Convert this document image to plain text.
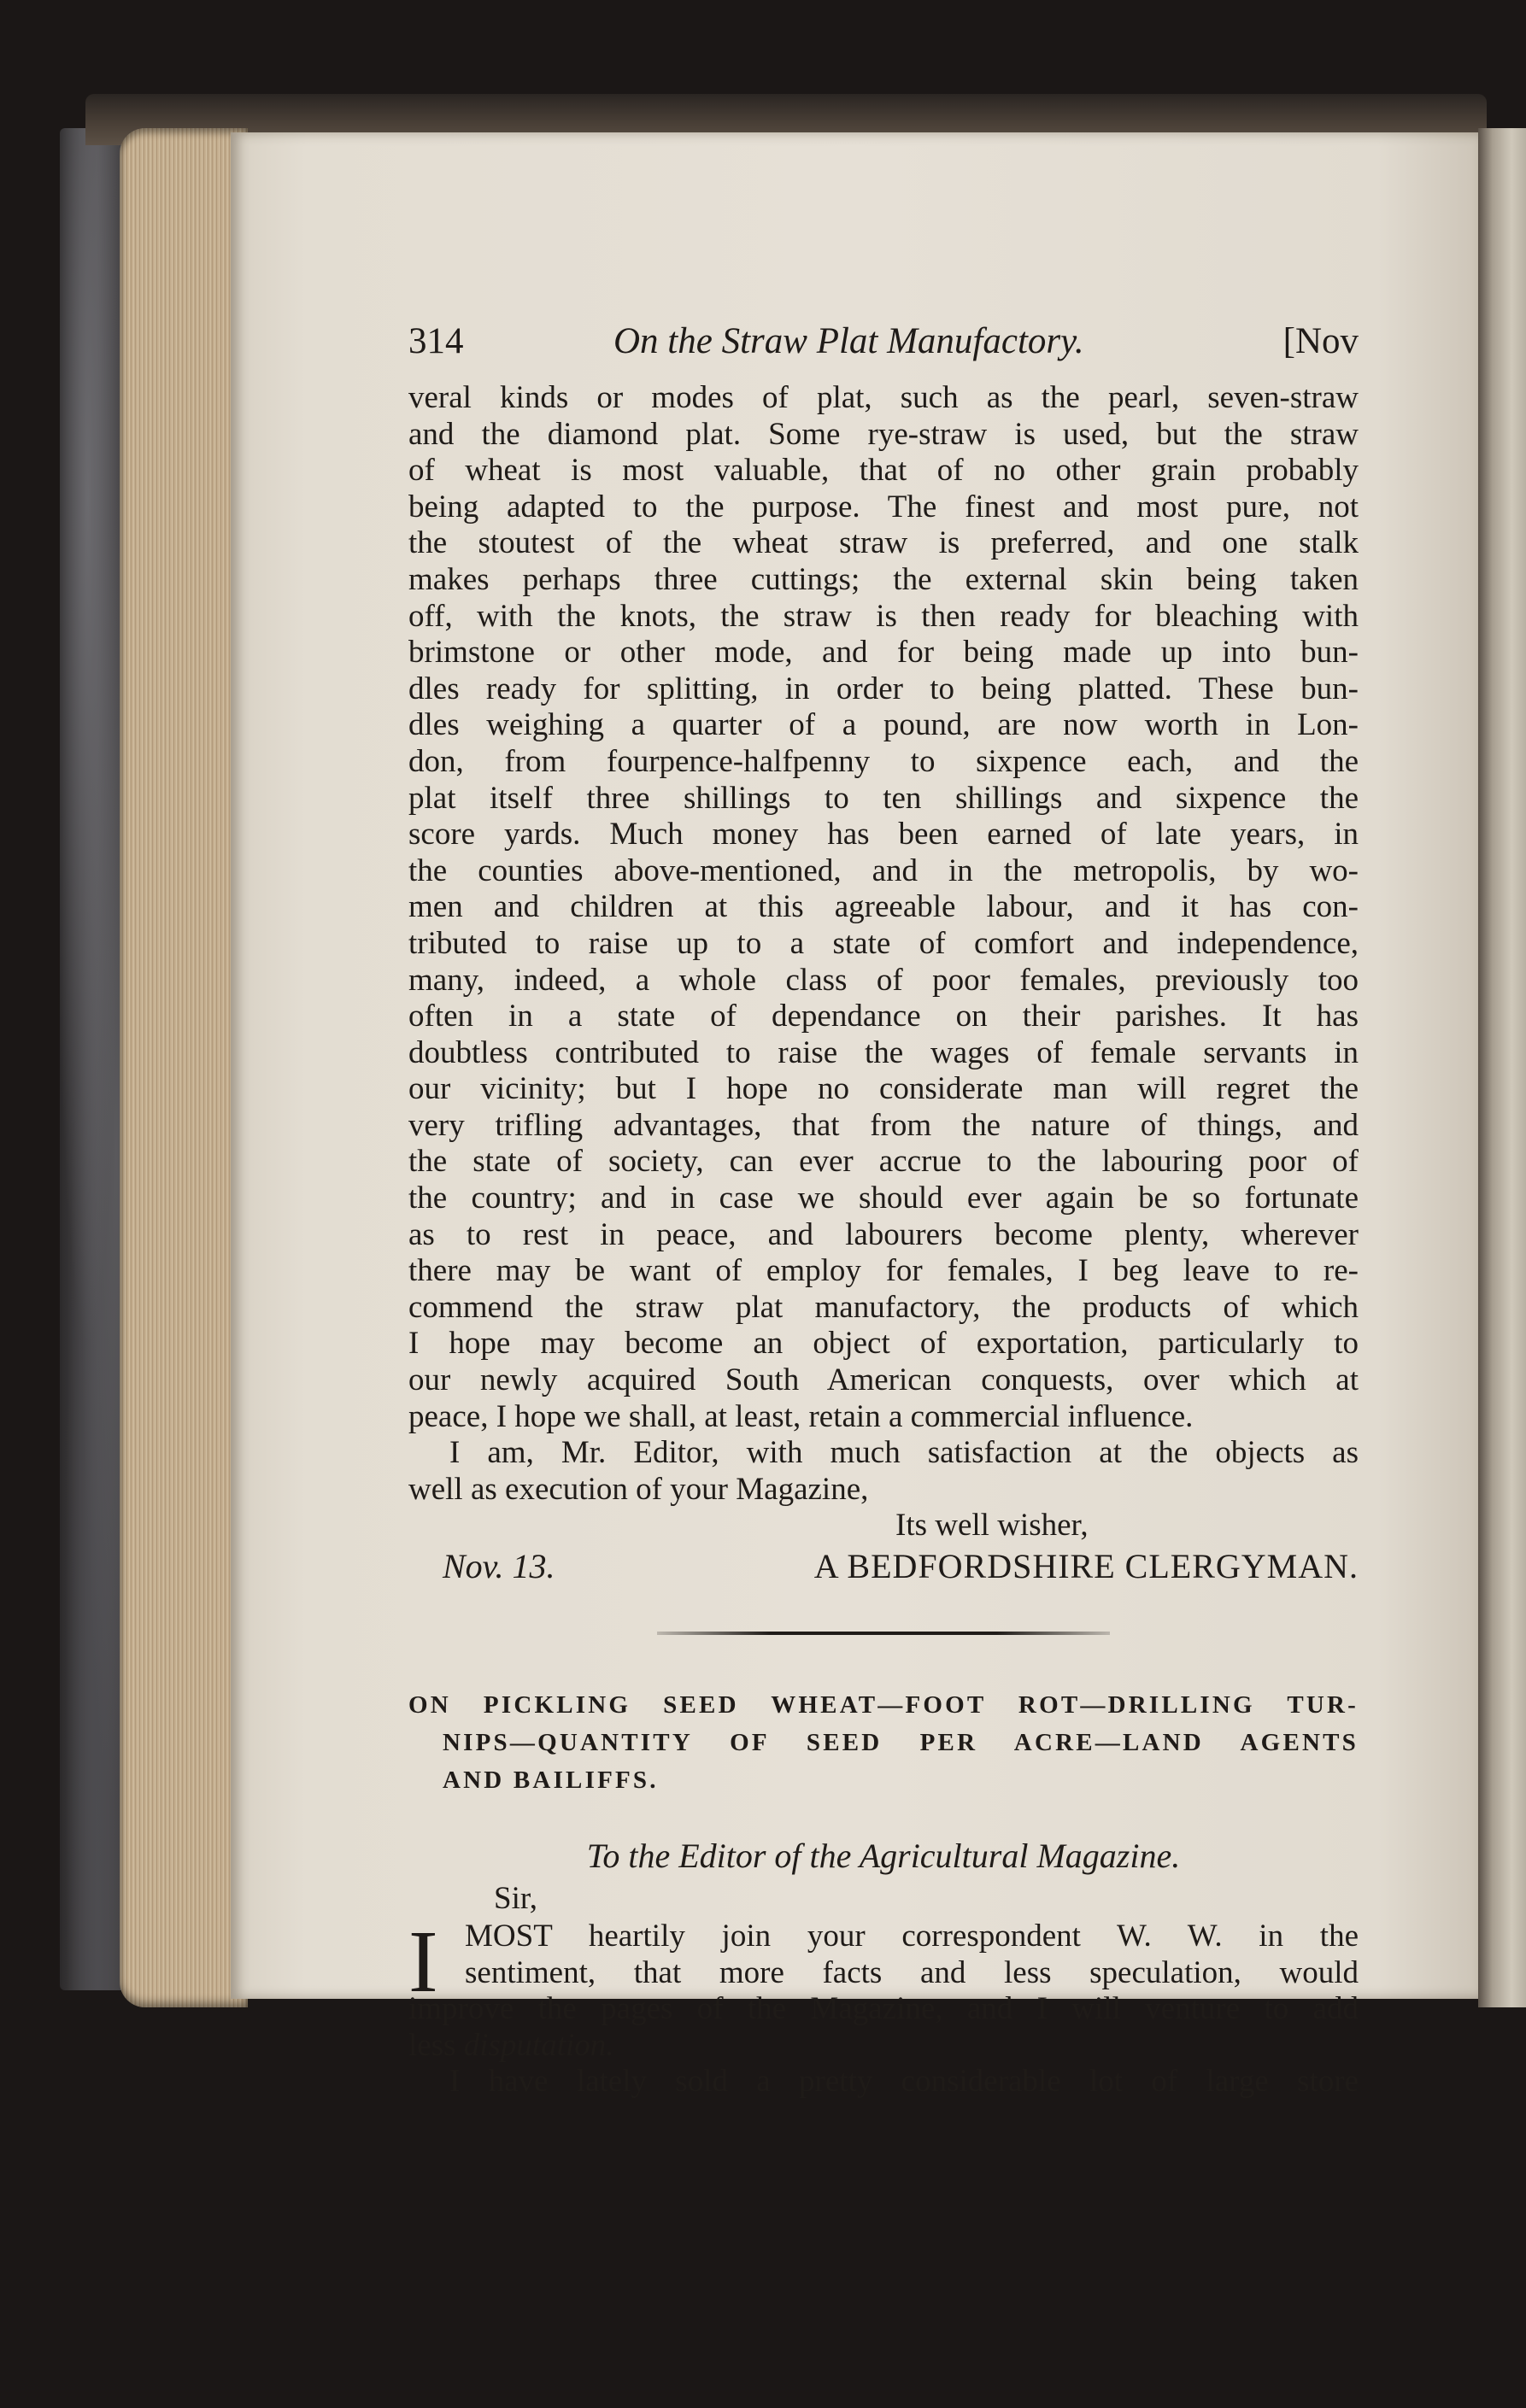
314	On the Straw Plat Manufactory.	[Nov
veral kinds or modes of plat, such as the pearl, seven-straw
and the diamond plat. Some rye-straw is used, but the straw
of wheat is most valuable, that of no other grain probably
being adapted to the purpose. The finest and most pure, not
the stoutest of the wheat straw is preferred, and one stalk
makes perhaps three cuttings; the external skin being taken
off, with the knots, the straw is then ready for bleaching with
brimstone or other mode, and for being made up into bun-
dles ready for splitting, in order to being platted. These bun-
dles weighing a quarter of a pound, are now worth in Lon-
don, from fourpence-halfpenny to sixpence each, and the
plat itself three shillings to ten shillings and sixpence the
score yards. Much money has been earned of late years, in
the counties above-mentioned, and in the metropolis, by wo-
men and children at this agreeable labour, and it has con-
tributed to raise up to a state of comfort and independence,
many, indeed, a whole class of poor females, previously too
often in a state of dependance on their parishes. It has
doubtless contributed to raise the wages of female servants in
our vicinity; but I hope no considerate man will regret the
very trifling advantages, that from the nature of things, and
the state of society, can ever accrue to the labouring poor of
the country; and in case we should ever again be so fortunate
as to rest in peace, and labourers become plenty, wherever
there may be want of employ for females, I beg leave to re-
commend the straw plat manufactory, the products of which
I hope may become an object of exportation, particularly to
our newly acquired South American conquests, over which at
peace, I hope we shall, at least, retain a commercial influence.
I am, Mr. Editor, with much satisfaction at the objects as
well as execution of your Magazine,
Its well wisher,
Nov. 13.	A BEDFORDSHIRE CLERGYMAN.
ON PICKLING SEED WHEAT—FOOT ROT—DRILLING TUR-
NIPS—QUANTITY OF SEED PER ACRE—LAND AGENTS
AND BAILIFFS.
To the Editor of the Agricultural Magazine.
Sir,
I MOST heartily join your correspondent W. W. in the
sentiment, that more facts and less speculation, would
improve the pages of the Magazine, and I will venture to add
less disputation.
I have lately sold a pretty considerable lot of large store
